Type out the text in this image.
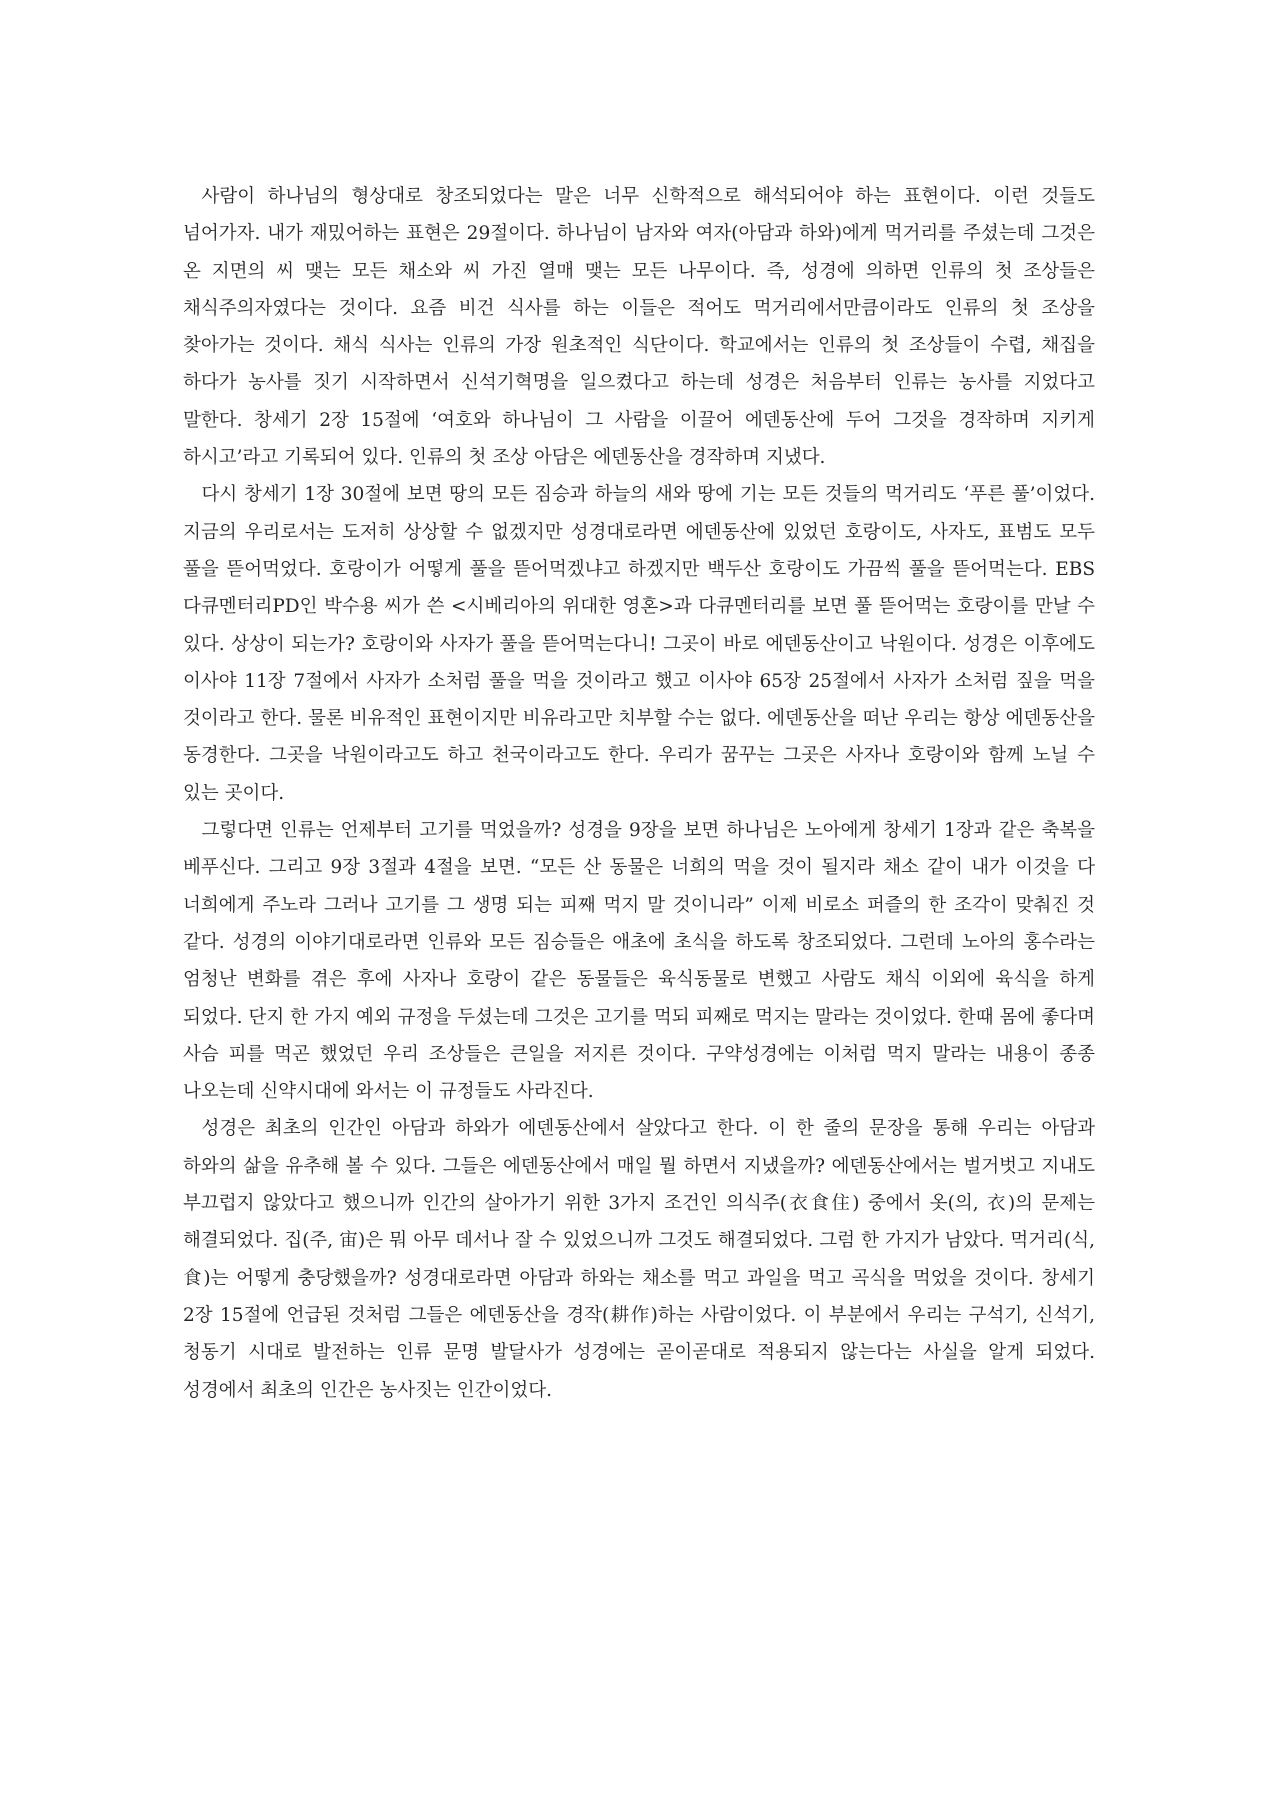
사람이 하나님의 형상대로 창조되었다는 말은 너무 신학적으로 해석되어야 하는 표현이다. 이런 것들도 넘어가자. 내가 재밌어하는 표현은 29절이다. 하나님이 남자와 여자(아담과 하와)에게 먹거리를 주셨는데 그것은 온 지면의 씨 맺는 모든 채소와 씨 가진 열매 맺는 모든 나무이다. 즉, 성경에 의하면 인류의 첫 조상들은 채식주의자였다는 것이다. 요즘 비건 식사를 하는 이들은 적어도 먹거리에서만큼이라도 인류의 첫 조상을 찾아가는 것이다. 채식 식사는 인류의 가장 원초적인 식단이다. 학교에서는 인류의 첫 조상들이 수렵, 채집을 하다가 농사를 짓기 시작하면서 신석기혁명을 일으켰다고 하는데 성경은 처음부터 인류는 농사를 지었다고 말한다. 창세기 2장 15절에 ‘여호와 하나님이 그 사람을 이끌어 에덴동산에 두어 그것을 경작하며 지키게 하시고’라고 기록되어 있다. 인류의 첫 조상 아담은 에덴동산을 경작하며 지냈다.

다시 창세기 1장 30절에 보면 땅의 모든 짐승과 하늘의 새와 땅에 기는 모든 것들의 먹거리도 ‘푸른 풀’이었다. 지금의 우리로서는 도저히 상상할 수 없겠지만 성경대로라면 에덴동산에 있었던 호랑이도, 사자도, 표범도 모두 풀을 뜯어먹었다. 호랑이가 어떻게 풀을 뜯어먹겠냐고 하겠지만 백두산 호랑이도 가끔씩 풀을 뜯어먹는다. EBS 다큐멘터리PD인 박수용 씨가 쓴 <시베리아의 위대한 영혼>과 다큐멘터리를 보면 풀 뜯어먹는 호랑이를 만날 수 있다. 상상이 되는가? 호랑이와 사자가 풀을 뜯어먹는다니! 그곳이 바로 에덴동산이고 낙원이다. 성경은 이후에도 이사야 11장 7절에서 사자가 소처럼 풀을 먹을 것이라고 했고 이사야 65장 25절에서 사자가 소처럼 짚을 먹을 것이라고 한다. 물론 비유적인 표현이지만 비유라고만 치부할 수는 없다. 에덴동산을 떠난 우리는 항상 에덴동산을 동경한다. 그곳을 낙원이라고도 하고 천국이라고도 한다. 우리가 꿈꾸는 그곳은 사자나 호랑이와 함께 노닐 수 있는 곳이다.

그렇다면 인류는 언제부터 고기를 먹었을까? 성경을 9장을 보면 하나님은 노아에게 창세기 1장과 같은 축복을 베푸신다. 그리고 9장 3절과 4절을 보면. “모든 산 동물은 너희의 먹을 것이 될지라 채소 같이 내가 이것을 다 너희에게 주노라 그러나 고기를 그 생명 되는 피째 먹지 말 것이니라” 이제 비로소 퍼즐의 한 조각이 맞춰진 것 같다. 성경의 이야기대로라면 인류와 모든 짐승들은 애초에 초식을 하도록 창조되었다. 그런데 노아의 홍수라는 엄청난 변화를 겪은 후에 사자나 호랑이 같은 동물들은 육식동물로 변했고 사람도 채식 이외에 육식을 하게 되었다. 단지 한 가지 예외 규정을 두셨는데 그것은 고기를 먹되 피째로 먹지는 말라는 것이었다. 한때 몸에 좋다며 사슴 피를 먹곤 했었던 우리 조상들은 큰일을 저지른 것이다. 구약성경에는 이처럼 먹지 말라는 내용이 종종 나오는데 신약시대에 와서는 이 규정들도 사라진다.

성경은 최초의 인간인 아담과 하와가 에덴동산에서 살았다고 한다. 이 한 줄의 문장을 통해 우리는 아담과 하와의 삶을 유추해 볼 수 있다. 그들은 에덴동산에서 매일 뭘 하면서 지냈을까? 에덴동산에서는 벌거벗고 지내도 부끄럽지 않았다고 했으니까 인간의 살아가기 위한 3가지 조건인 의식주(衣食住) 중에서 옷(의, 衣)의 문제는 해결되었다. 집(주, 宙)은 뭐 아무 데서나 잘 수 있었으니까 그것도 해결되었다. 그럼 한 가지가 남았다. 먹거리(식, 食)는 어떻게 충당했을까? 성경대로라면 아담과 하와는 채소를 먹고 과일을 먹고 곡식을 먹었을 것이다. 창세기 2장 15절에 언급된 것처럼 그들은 에덴동산을 경작(耕作)하는 사람이었다. 이 부분에서 우리는 구석기, 신석기, 청동기 시대로 발전하는 인류 문명 발달사가 성경에는 곧이곧대로 적용되지 않는다는 사실을 알게 되었다. 성경에서 최초의 인간은 농사짓는 인간이었다.
